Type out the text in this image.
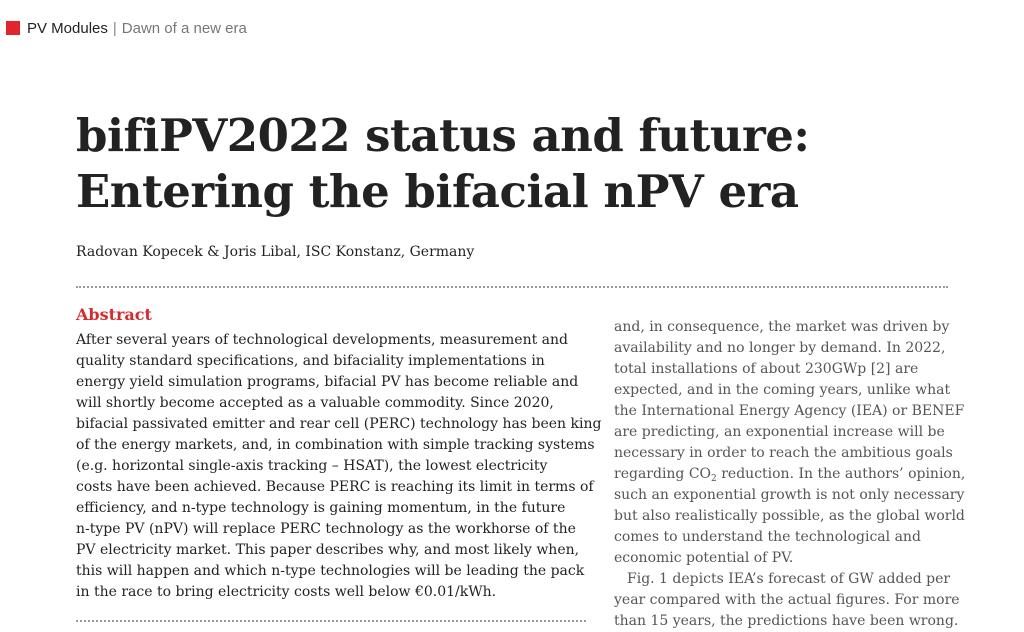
PV Modules | Dawn of a new era
bifiPV2022 status and future:
Entering the bifacial nPV era
Radovan Kopecek & Joris Libal, ISC Konstanz, Germany
Abstract
After several years of technological developments, measurement and
quality standard specifications, and bifaciality implementations in
energy yield simulation programs, bifacial PV has become reliable and
will shortly become accepted as a valuable commodity. Since 2020,
bifacial passivated emitter and rear cell (PERC) technology has been king
of the energy markets, and, in combination with simple tracking systems
(e.g. horizontal single-axis tracking – HSAT), the lowest electricity
costs have been achieved. Because PERC is reaching its limit in terms of
efficiency, and n-type technology is gaining momentum, in the future
n-type PV (nPV) will replace PERC technology as the workhorse of the
PV electricity market. This paper describes why, and most likely when,
this will happen and which n-type technologies will be leading the pack
in the race to bring electricity costs well below €0.01/kWh.
and, in consequence, the market was driven by
availability and no longer by demand. In 2022,
total installations of about 230GWp [2] are
expected, and in the coming years, unlike what
the International Energy Agency (IEA) or BENEF
are predicting, an exponential increase will be
necessary in order to reach the ambitious goals
regarding $CO_2$ reduction. In the authors’ opinion,
such an exponential growth is not only necessary
but also realistically possible, as the global world
comes to understand the technological and
economic potential of PV.
Fig. 1 depicts IEA’s forecast of GW added per
year compared with the actual figures. For more
than 15 years, the predictions have been wrong.
